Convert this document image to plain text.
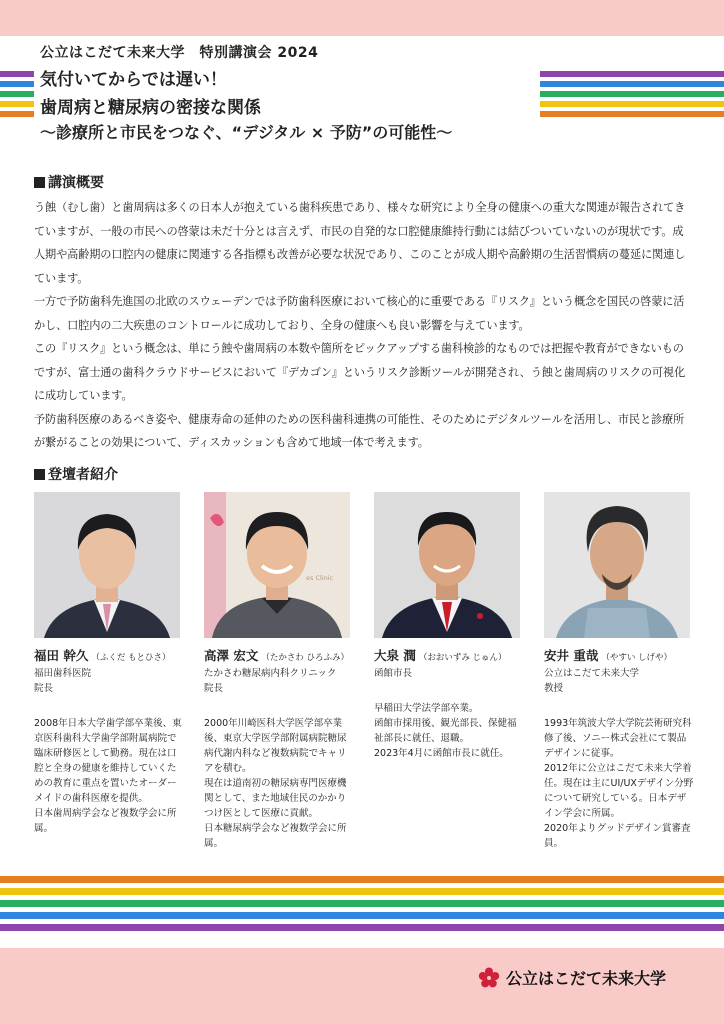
公立はこだて未来大学　特別講演会 2024
気付いてからでは遅い！
歯周病と糖尿病の密接な関係
〜診療所と市民をつなぐ、“デジタル × 予防”の可能性〜
講演概要

う蝕（むし歯）と歯周病は多くの日本人が抱えている歯科疾患であり、様々な研究により全身の健康への重大な関連が報告されてきていますが、一般の市民への啓蒙は未だ十分とは言えず、市民の自発的な口腔健康維持行動には結びついていないのが現状です。成人期や高齢期の口腔内の健康に関連する各指標も改善が必要な状況であり、このことが成人期や高齢期の生活習慣病の蔓延に関連しています。

一方で予防歯科先進国の北欧のスウェーデンでは予防歯科医療において核心的に重要である『リスク』という概念を国民の啓蒙に活かし、口腔内の二大疾患のコントロールに成功しており、全身の健康へも良い影響を与えています。

この『リスク』という概念は、単にう蝕や歯周病の本数や箇所をピックアップする歯科検診的なものでは把握や教育ができないものですが、富士通の歯科クラウドサービスにおいて『デカゴン』というリスク診断ツールが開発され、う蝕と歯周病のリスクの可視化に成功しています。

予防歯科医療のあるべき姿や、健康寿命の延伸のための医科歯科連携の可能性、そのためにデジタルツールを活用し、市民と診療所が繋がることの効果について、ディスカッションも含めて地域一体で考えます。

登壇者紹介
福田 幹久 （ふくだ もとひさ）
福田歯科医院
院長

2008年日本大学歯学部卒業後、東京医科歯科大学歯学部附属病院で臨床研修医として勤務。現在は口腔と全身の健康を維持していくための教育に重点を置いたオーダーメイドの歯科医療を提供。

日本歯周病学会など複数学会に所属。

es Clinic
高澤 宏文 （たかさわ ひろふみ）
たかさわ糖尿病内科クリニック
院長

2000年川崎医科大学医学部卒業後、東京大学医学部附属病院糖尿病代謝内科など複数病院でキャリアを積む。

現在は道南初の糖尿病専門医療機関として、また地域住民のかかりつけ医として医療に貢献。

日本糖尿病学会など複数学会に所属。

大泉 潤 （おおいずみ じゅん）
函館市長

早稲田大学法学部卒業。

函館市採用後、観光部長、保健福祉部長に就任、退職。

2023年4月に函館市長に就任。

安井 重哉 （やすい しげや）
公立はこだて未来大学
教授

1993年筑波大学大学院芸術研究科修了後、ソニー株式会社にて製品デザインに従事。

2012年に公立はこだて未来大学着任。現在は主にUI/UXデザイン分野について研究している。日本デザイン学会に所属。

2020年よりグッドデザイン賞審査員。

公立はこだて未来大学
